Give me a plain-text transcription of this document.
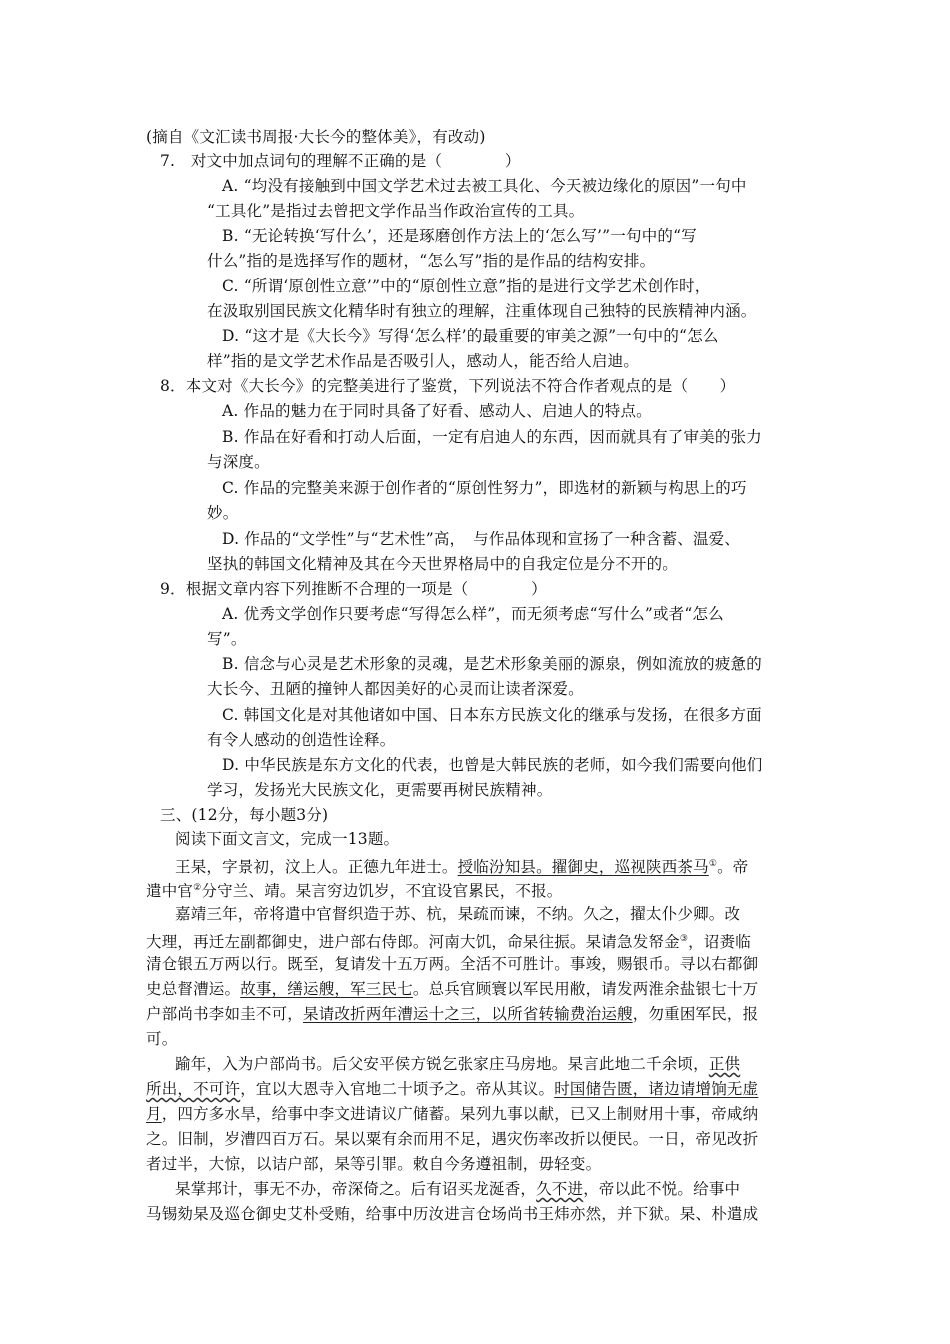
(摘自《文汇读书周报·大长今的整体美》，有改动)
7.　对文中加点词句的理解不正确的是（　　　　）
A. “均没有接触到中国文学艺术过去被工具化、今天被边缘化的原因”一句中
“工具化”是指过去曾把文学作品当作政治宣传的工具。
B. “无论转换‘写什么’，还是琢磨创作方法上的‘怎么写’”一句中的“写
什么”指的是选择写作的题材，“怎么写”指的是作品的结构安排。
C. “所谓‘原创性立意’”中的“原创性立意”指的是进行文学艺术创作时，
在汲取别国民族文化精华时有独立的理解，注重体现自己独特的民族精神内涵。
D. “这才是《大长今》写得‘怎么样’的最重要的审美之源”一句中的“怎么
样”指的是文学艺术作品是否吸引人，感动人，能否给人启迪。
8．本文对《大长今》的完整美进行了鉴赏，下列说法不符合作者观点的是（　　）
A. 作品的魅力在于同时具备了好看、感动人、启迪人的特点。
B. 作品在好看和打动人后面，一定有启迪人的东西，因而就具有了审美的张力
与深度。
C. 作品的完整美来源于创作者的“原创性努力”，即选材的新颖与构思上的巧
妙。
D. 作品的“文学性”与“艺术性”高，　与作品体现和宣扬了一种含蓄、温爱、
坚执的韩国文化精神及其在今天世界格局中的自我定位是分不开的。
9．根据文章内容下列推断不合理的一项是（　　　　）
A. 优秀文学创作只要考虑“写得怎么样”，而无须考虑“写什么”或者“怎么
写”。
B. 信念与心灵是艺术形象的灵魂，是艺术形象美丽的源泉，例如流放的疲惫的
大长今、丑陋的撞钟人都因美好的心灵而让读者深爱。
C. 韩国文化是对其他诸如中国、日本东方民族文化的继承与发扬，在很多方面
有令人感动的创造性诠释。
D. 中华民族是东方文化的代表，也曾是大韩民族的老师，如今我们需要向他们
学习，发扬光大民族文化，更需要再树民族精神。
三、(12分，每小题3分)
阅读下面文言文，完成一13题。
王杲，字景初，汶上人。正德九年进士。授临汾知县。擢御史，巡视陕西茶马①。帝
遣中官②分守兰、靖。杲言穷边饥岁，不宜设官累民，不报。
嘉靖三年，帝将遣中官督织造于苏、杭，杲疏而谏，不纳。久之，擢太仆少卿。改
大理，再迁左副都御史，进户部右侍郎。河南大饥，命杲往振。杲请急发帑金③，诏赉临
清仓银五万两以行。既至，复请发十五万两。全活不可胜计。事竣，赐银币。寻以右都御
史总督漕运。故事，缮运艘，军三民七。总兵官顾寰以军民用敝，请发两淮余盐银七十万
户部尚书李如圭不可，杲请改折两年漕运十之三，以所省转输费治运艘，勿重困军民，报
可。
踰年，入为户部尚书。后父安平侯方锐乞张家庄马房地。杲言此地二千余顷，正供
所出，不可许，宜以大恩寺入官地二十顷予之。帝从其议。时国储告匮，诸边请增饷无虚
月，四方多水旱，给事中李文进请议广储蓄。杲列九事以献，已又上制财用十事，帝咸纳
之。旧制，岁漕四百万石。杲以粟有余而用不足，遇灾伤率改折以便民。一日，帝见改折
者过半，大惊，以诘户部，杲等引罪。敕自今务遵祖制，毋轻变。
杲掌邦计，事无不办，帝深倚之。后有诏买龙涎香，久不进，帝以此不悦。给事中
马锡劾杲及巡仓御史艾朴受贿，给事中历汝进言仓场尚书王炜亦然，并下狱。杲、朴遣成
